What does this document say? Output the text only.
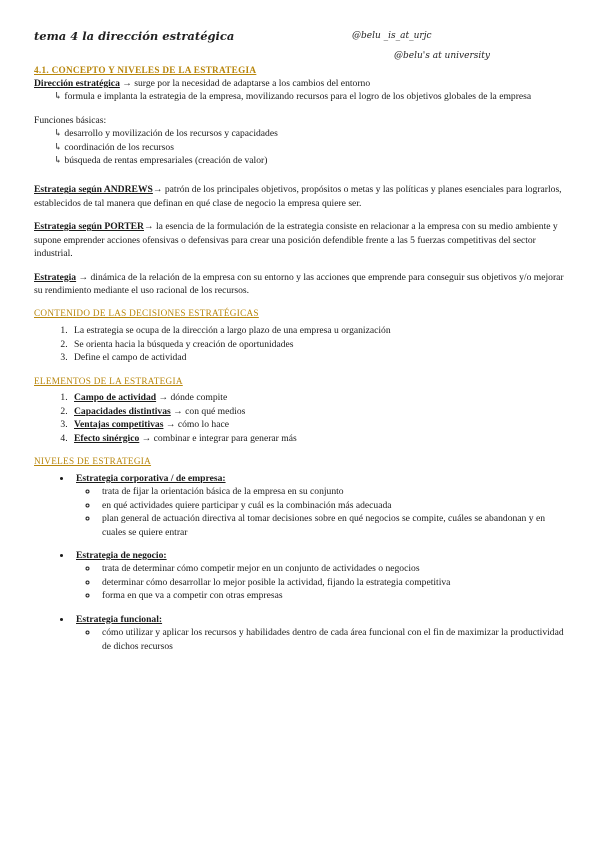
tema 4 la dirección estratégica	@belu _is_at_urjc
@belu's at university

4.1. CONCEPTO Y NIVELES DE LA ESTRATEGIA

Dirección estratégica → surge por la necesidad de adaptarse a los cambios del entorno

↳ formula e implanta la estrategia de la empresa, movilizando recursos para el logro de los objetivos globales de la empresa

Funciones básicas:

↳ desarrollo y movilización de los recursos y capacidades

↳ coordinación de los recursos

↳ búsqueda de rentas empresariales (creación de valor)

Estrategia según ANDREWS→ patrón de los principales objetivos, propósitos o metas y las políticas y planes esenciales para lograrlos, establecidos de tal manera que definan en qué clase de negocio la empresa quiere ser.

Estrategia según PORTER→ la esencia de la formulación de la estrategia consiste en relacionar a la empresa con su medio ambiente y supone emprender acciones ofensivas o defensivas para crear una posición defendible frente a las 5 fuerzas competitivas del sector industrial.

Estrategia → dinámica de la relación de la empresa con su entorno y las acciones que emprende para conseguir sus objetivos y/o mejorar su rendimiento mediante el uso racional de los recursos.

CONTENIDO DE LAS DECISIONES ESTRATÉGICAS

1. La estrategia se ocupa de la dirección a largo plazo de una empresa u organización
2. Se orienta hacia la búsqueda y creación de oportunidades
3. Define el campo de actividad

ELEMENTOS DE LA ESTRATEGIA

1. Campo de actividad → dónde compite
2. Capacidades distintivas → con qué medios
3. Ventajas competitivas → cómo lo hace
4. Efecto sinérgico → combinar e integrar para generar más

NIVELES DE ESTRATEGIA

• Estrategia corporativa / de empresa:
◦ trata de fijar la orientación básica de la empresa en su conjunto
◦ en qué actividades quiere participar y cuál es la combinación más adecuada
◦ plan general de actuación directiva al tomar decisiones sobre en qué negocios se compite, cuáles se abandonan y en cuales se quiere entrar
• Estrategia de negocio:
◦ trata de determinar cómo competir mejor en un conjunto de actividades o negocios
◦ determinar cómo desarrollar lo mejor posible la actividad, fijando la estrategia competitiva
◦ forma en que va a competir con otras empresas
• Estrategia funcional:
◦ cómo utilizar y aplicar los recursos y habilidades dentro de cada área funcional con el fin de maximizar la productividad de dichos recursos
